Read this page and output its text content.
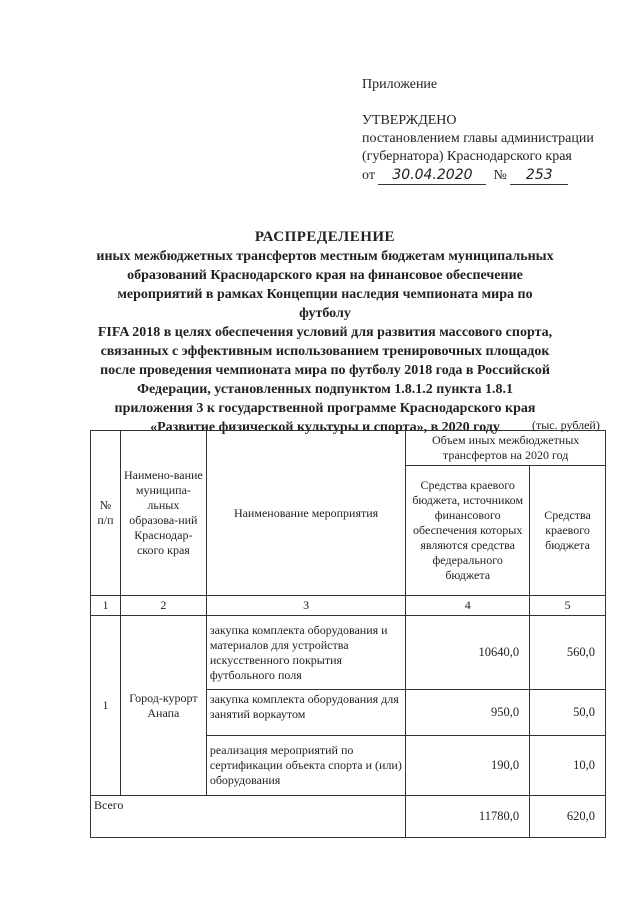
Приложение
УТВЕРЖДЕНО
постановлением главы администрации
(губернатора) Краснодарского края
от 30.04.2020 № 253
РАСПРЕДЕЛЕНИЕ
иных межбюджетных трансфертов местным бюджетам муниципальных
образований Краснодарского края на финансовое обеспечение
мероприятий в рамках Концепции наследия чемпионата мира по футболу
FIFA 2018 в целях обеспечения условий для развития массового спорта,
связанных с эффективным использованием тренировочных площадок
после проведения чемпионата мира по футболу 2018 года в Российской
Федерации, установленных подпунктом 1.8.1.2 пункта 1.8.1
приложения 3 к государственной программе Краснодарского края
«Развитие физической культуры и спорта», в 2020 году	(тыс. рублей)
№ п/п	Наимено-вание муниципа-льных образова-ний Краснодар-ского края	Наименование мероприятия	Объем иных межбюджетных трансфертов на 2020 год	
			Средства краевого бюджета, источником финансового обеспечения которых являются средства федерального бюджета	Средства краевого бюджета
1	2	3	4	5
1	Город-курорт Анапа	закупка комплекта оборудования и материалов для устройства искусственного покрытия футбольного поля	10640,0	560,0
		закупка комплекта оборудования для занятий воркаутом	950,0	50,0
		реализация мероприятий по сертификации объекта спорта и (или) оборудования	190,0	10,0
Всего			11780,0	620,0
